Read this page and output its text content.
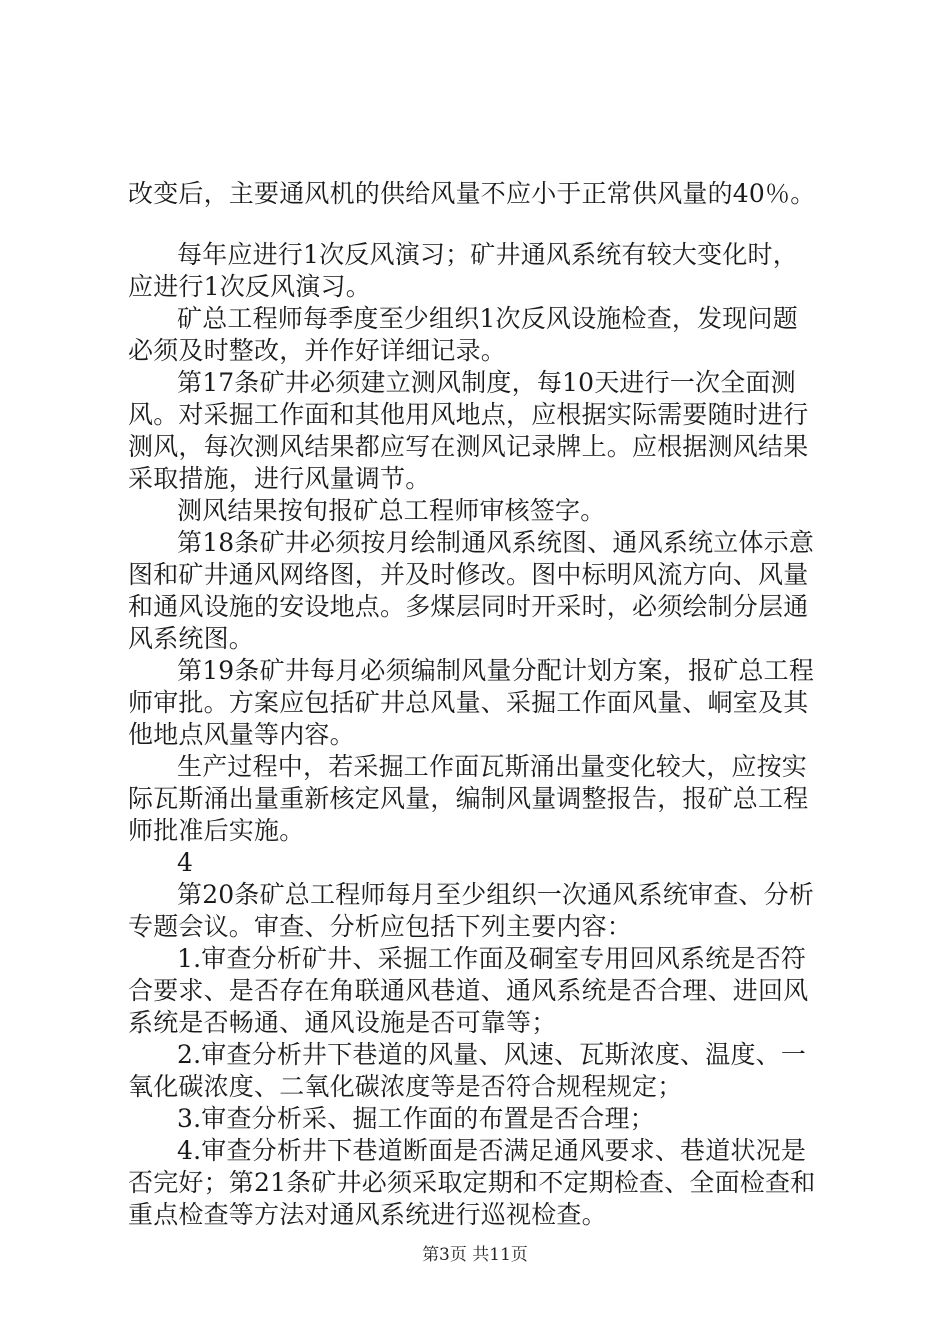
改变后，主要通风机的供给风量不应小于正常供风量的40％。
每年应进行1次反风演习；矿井通风系统有较大变化时，
应进行1次反风演习。
矿总工程师每季度至少组织1次反风设施检查，发现问题
必须及时整改，并作好详细记录。
第17条矿井必须建立测风制度，每10天进行一次全面测
风。对采掘工作面和其他用风地点，应根据实际需要随时进行
测风，每次测风结果都应写在测风记录牌上。应根据测风结果
采取措施，进行风量调节。
测风结果按旬报矿总工程师审核签字。
第18条矿井必须按月绘制通风系统图、通风系统立体示意
图和矿井通风网络图，并及时修改。图中标明风流方向、风量
和通风设施的安设地点。多煤层同时开采时，必须绘制分层通
风系统图。
第19条矿井每月必须编制风量分配计划方案，报矿总工程
师审批。方案应包括矿井总风量、采掘工作面风量、峒室及其
他地点风量等内容。
生产过程中，若采掘工作面瓦斯涌出量变化较大，应按实
际瓦斯涌出量重新核定风量，编制风量调整报告，报矿总工程
师批准后实施。
4
第20条矿总工程师每月至少组织一次通风系统审查、分析
专题会议。审查、分析应包括下列主要内容：
1.审查分析矿井、采掘工作面及硐室专用回风系统是否符
合要求、是否存在角联通风巷道、通风系统是否合理、进回风
系统是否畅通、通风设施是否可靠等；
2.审查分析井下巷道的风量、风速、瓦斯浓度、温度、一
氧化碳浓度、二氧化碳浓度等是否符合规程规定；
3.审查分析采、掘工作面的布置是否合理；
4.审查分析井下巷道断面是否满足通风要求、巷道状况是
否完好；第21条矿井必须采取定期和不定期检查、全面检查和
重点检查等方法对通风系统进行巡视检查。
第3页 共11页
